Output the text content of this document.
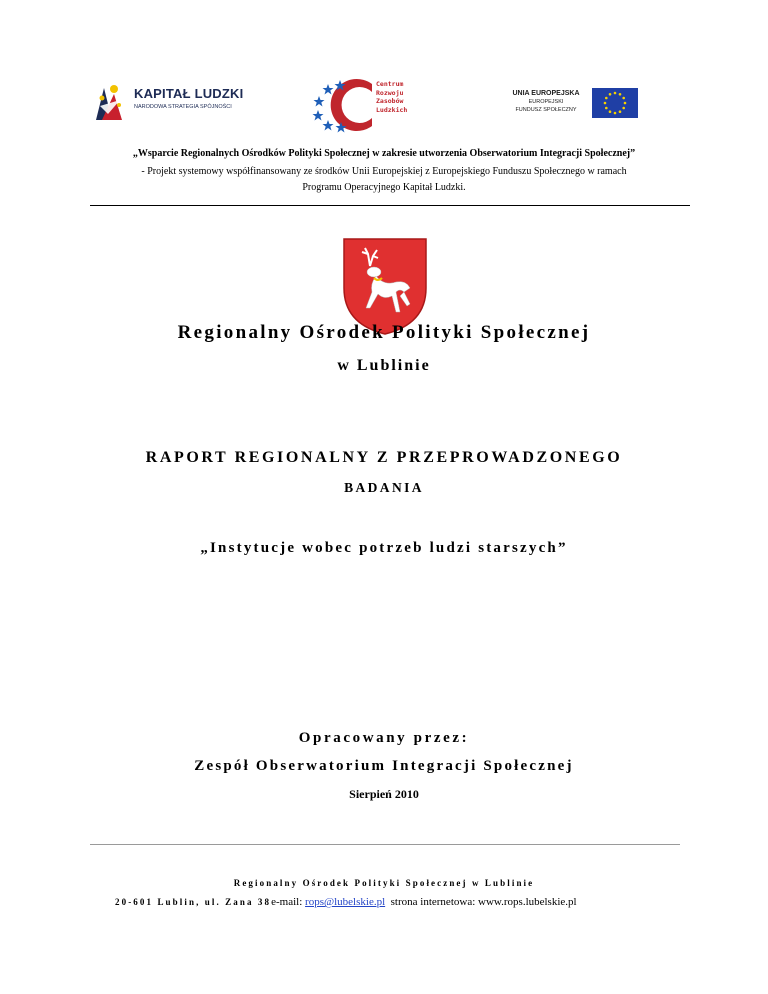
KAPITAŁ LUDZKI
NARODOWA STRATEGIA SPÓJNOŚCI
Centrum
Rozwoju
Zasobów
Ludzkich
UNIA EUROPEJSKA
EUROPEJSKI
FUNDUSZ SPOŁECZNY
„Wsparcie Regionalnych Ośrodków Polityki Społecznej w zakresie utworzenia Obserwatorium Integracji Społecznej”
- Projekt systemowy współfinansowany ze środków Unii Europejskiej z Europejskiego Funduszu Społecznego w ramach
Programu Operacyjnego Kapitał Ludzki.
Regionalny Ośrodek Polityki Społecznej
w Lublinie
RAPORT REGIONALNY Z PRZEPROWADZONEGO
BADANIA
„Instytucje wobec potrzeb ludzi starszych”
Opracowany przez:
Zespół Obserwatorium Integracji Społecznej
Sierpień 2010
Regionalny Ośrodek Polityki Społecznej w Lublinie
20-601 Lublin, ul. Zana 38e-mail: rops@lubelskie.pl strona internetowa: www.rops.lubelskie.pl
